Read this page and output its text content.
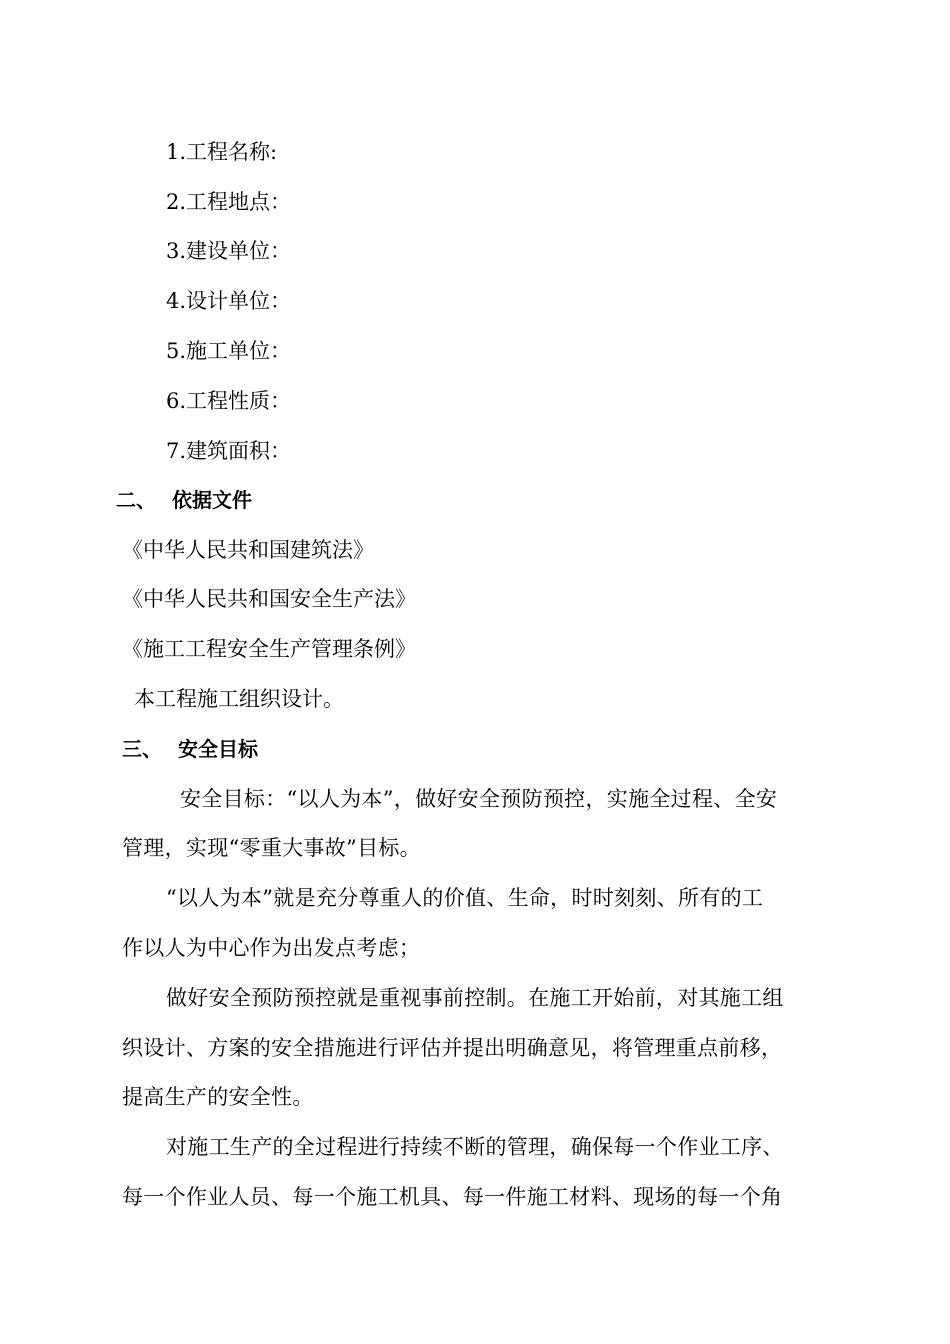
1.工程名称:
2.工程地点：
3.建设单位：
4.设计单位：
5.施工单位：
6.工程性质：
7.建筑面积：
二、 依据文件
《中华人民共和国建筑法》
《中华人民共和国安全生产法》
《施工工程安全生产管理条例》
本工程施工组织设计。
三、 安全目标
安全目标：“以人为本”，做好安全预防预控，实施全过程、全安
管理，实现“零重大事故”目标。
“以人为本”就是充分尊重人的价值、生命，时时刻刻、所有的工
作以人为中心作为出发点考虑；
做好安全预防预控就是重视事前控制。在施工开始前，对其施工组
织设计、方案的安全措施进行评估并提出明确意见，将管理重点前移，
提高生产的安全性。
对施工生产的全过程进行持续不断的管理，确保每一个作业工序、
每一个作业人员、每一个施工机具、每一件施工材料、现场的每一个角
